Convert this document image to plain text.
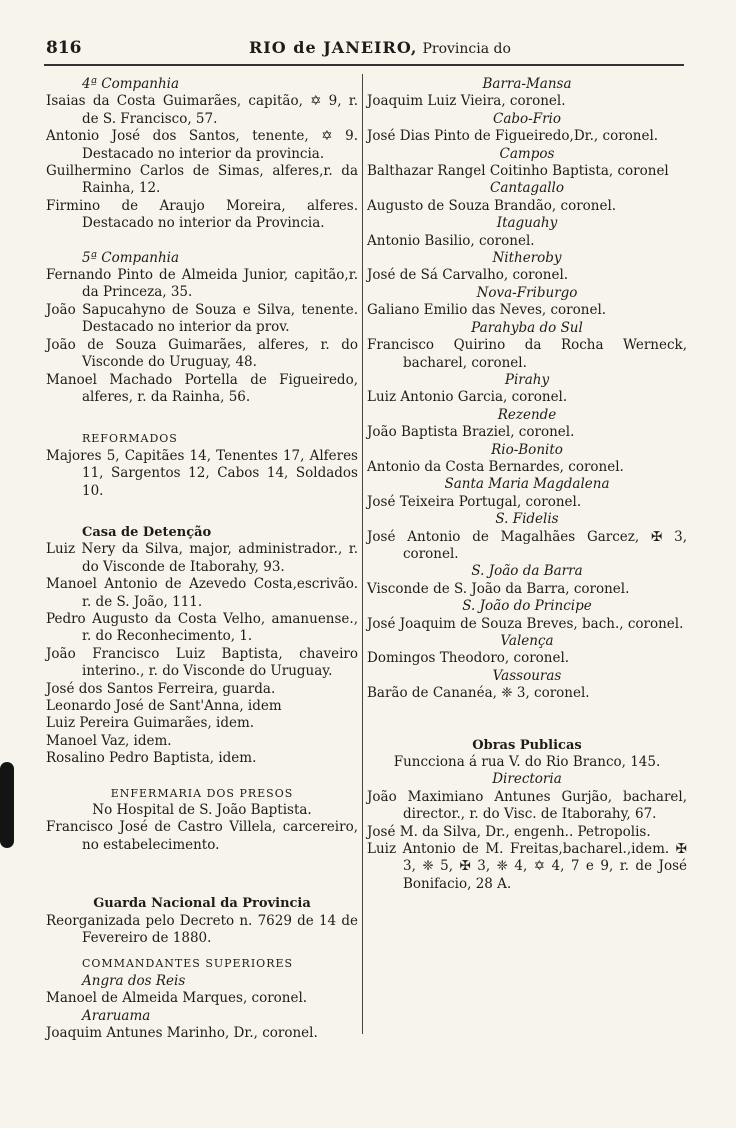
816	RIO de JANEIRO, Provincia do
4ª Companhia
Isaias da Costa Guimarães, capitão, ✡ 9, r. de S. Francisco, 57.
Antonio José dos Santos, tenente, ✡ 9. Destacado no interior da provincia.
Guilhermino Carlos de Simas, alferes,r. da Rainha, 12.
Firmino de Araujo Moreira, alferes. Destacado no interior da Provincia.
5ª Companhia
Fernando Pinto de Almeida Junior, capitão,r. da Princeza, 35.
João Sapucahyno de Souza e Silva, tenente. Destacado no interior da prov.
João de Souza Guimarães, alferes, r. do Visconde do Uruguay, 48.
Manoel Machado Portella de Figueiredo, alferes, r. da Rainha, 56.
REFORMADOS
Majores 5, Capitães 14, Tenentes 17, Alferes 11, Sargentos 12, Cabos 14, Soldados 10.
Casa de Detenção
Luiz Nery da Silva, major, administrador., r. do Visconde de Itaborahy, 93.
Manoel Antonio de Azevedo Costa,escrivão. r. de S. João, 111.
Pedro Augusto da Costa Velho, amanuense., r. do Reconhecimento, 1.
João Francisco Luiz Baptista, chaveiro interino., r. do Visconde do Uruguay.
José dos Santos Ferreira, guarda.
Leonardo José de Sant'Anna, idem
Luiz Pereira Guimarães, idem.
Manoel Vaz, idem.
Rosalino Pedro Baptista, idem.
ENFERMARIA DOS PRESOS
No Hospital de S. João Baptista.
Francisco José de Castro Villela, carcereiro, no estabelecimento.
Guarda Nacional da Provincia
Reorganizada pelo Decreto n. 7629 de 14 de Fevereiro de 1880.
COMMANDANTES SUPERIORES
Angra dos Reis
Manoel de Almeida Marques, coronel.
Araruama
Joaquim Antunes Marinho, Dr., coronel.
Barra-Mansa
Joaquim Luiz Vieira, coronel.
Cabo-Frio
José Dias Pinto de Figueiredo,Dr., coronel.
Campos
Balthazar Rangel Coitinho Baptista, coronel
Cantagallo
Augusto de Souza Brandão, coronel.
Itaguahy
Antonio Basilio, coronel.
Nitheroby
José de Sá Carvalho, coronel.
Nova-Friburgo
Galiano Emilio das Neves, coronel.
Parahyba do Sul
Francisco Quirino da Rocha Werneck, bacharel, coronel.
Pirahy
Luiz Antonio Garcia, coronel.
Rezende
João Baptista Braziel, coronel.
Rio-Bonito
Antonio da Costa Bernardes, coronel.
Santa Maria Magdalena
José Teixeira Portugal, coronel.
S. Fidelis
José Antonio de Magalhães Garcez, ✠ 3, coronel.
S. João da Barra
Visconde de S. João da Barra, coronel.
S. João do Principe
José Joaquim de Souza Breves, bach., coronel.
Valença
Domingos Theodoro, coronel.
Vassouras
Barão de Cananéa, ❈ 3, coronel.
Obras Publicas
Funcciona á rua V. do Rio Branco, 145.
Directoria
João Maximiano Antunes Gurjão, bacharel, director., r. do Visc. de Itaborahy, 67.
José M. da Silva, Dr., engenh.. Petropolis.
Luiz Antonio de M. Freitas,bacharel.,idem. ✠ 3, ❈ 5, ✠ 3, ❈ 4, ✡ 4, 7 e 9, r. de José Bonifacio, 28 A.
